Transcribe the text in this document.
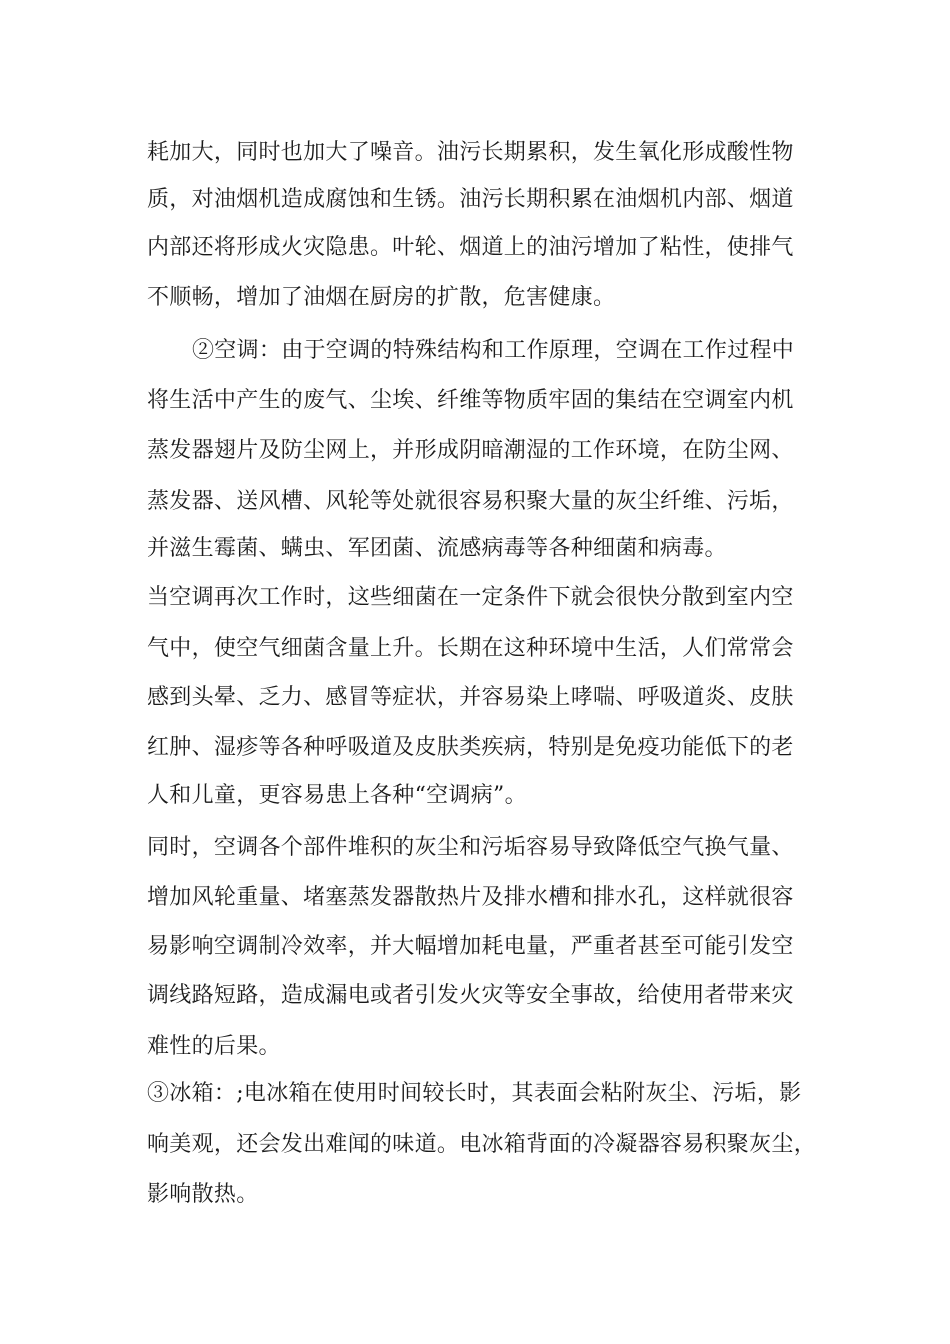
耗加大，同时也加大了噪音。油污长期累积，发生氧化形成酸性物
质，对油烟机造成腐蚀和生锈。油污长期积累在油烟机内部、烟道
内部还将形成火灾隐患。叶轮、烟道上的油污增加了粘性，使排气
不顺畅，增加了油烟在厨房的扩散，危害健康。
②空调：由于空调的特殊结构和工作原理，空调在工作过程中
将生活中产生的废气、尘埃、纤维等物质牢固的集结在空调室内机
蒸发器翅片及防尘网上，并形成阴暗潮湿的工作环境，在防尘网、
蒸发器、送风槽、风轮等处就很容易积聚大量的灰尘纤维、污垢，
并滋生霉菌、螨虫、军团菌、流感病毒等各种细菌和病毒。
当空调再次工作时，这些细菌在一定条件下就会很快分散到室内空
气中，使空气细菌含量上升。长期在这种环境中生活，人们常常会
感到头晕、乏力、感冒等症状，并容易染上哮喘、呼吸道炎、皮肤
红肿、湿疹等各种呼吸道及皮肤类疾病，特别是免疫功能低下的老
人和儿童，更容易患上各种“空调病”。
同时，空调各个部件堆积的灰尘和污垢容易导致降低空气换气量、
增加风轮重量、堵塞蒸发器散热片及排水槽和排水孔，这样就很容
易影响空调制冷效率，并大幅增加耗电量，严重者甚至可能引发空
调线路短路，造成漏电或者引发火灾等安全事故，给使用者带来灾
难性的后果。
③冰箱：;电冰箱在使用时间较长时，其表面会粘附灰尘、污垢，影
响美观，还会发出难闻的味道。电冰箱背面的冷凝器容易积聚灰尘，
影响散热。
